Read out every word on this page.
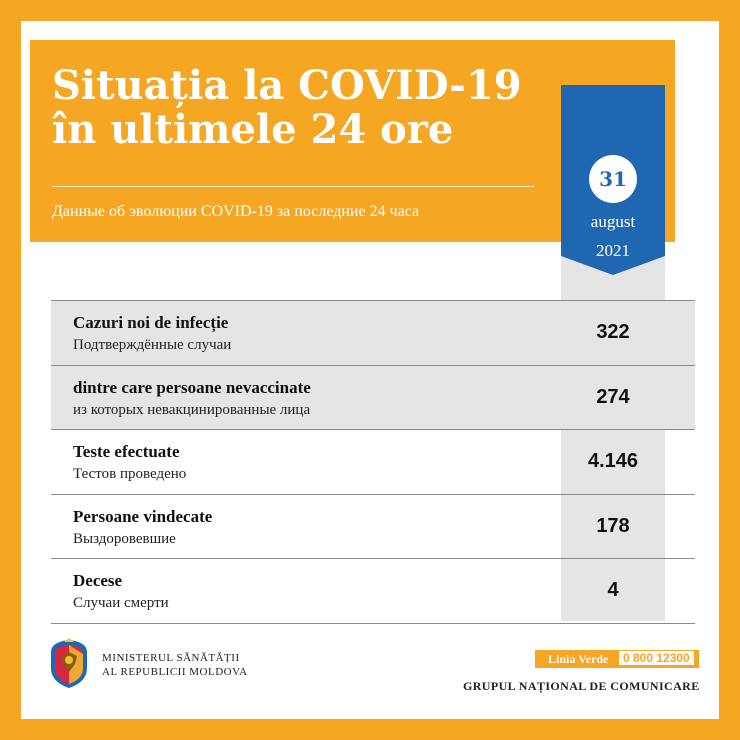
Situația la COVID-19
în ultimele 24 ore
Данные об эволюции COVID-19 за последние 24 часа
Cazuri noi de infecție
Подтверждённые случаи
322
dintre care persoane nevaccinate
из которых невакцинированные лица
274
Teste efectuate
Тестов проведено
4.146
Persoane vindecate
Выздоровевшие
178
Decese
Случаи смерти
4
31
august
2021
MINISTERUL SĂNĂTĂȚII
AL REPUBLICII MOLDOVA
Linia Verde	0 800 12300
GRUPUL NAȚIONAL DE COMUNICARE
